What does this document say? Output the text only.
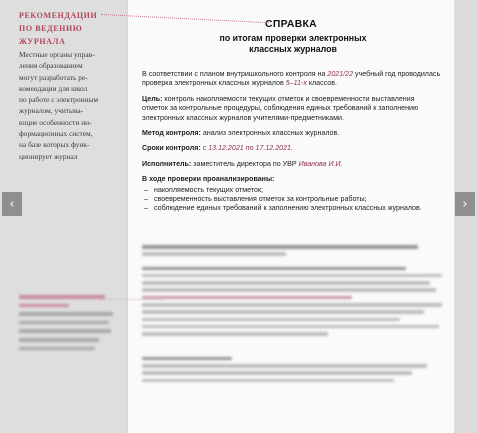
РЕКОМЕНДАЦИИ
ПО ВЕДЕНИЮ
ЖУРНАЛА
Местные органы управ-
ления образованием
могут разработать ре-
комендации для школ
по работе с электронным
журналом, учитыва-
ющие особенности ин-
формационных систем,
на базе которых функ-
ционирует журнал
СПРАВКА
по итогам проверки электронных
классных журналов

В соответствии с планом внутришкольного контроля на 2021/22 учебный год проводилась проверка электронных классных журналов 5–11-х классов.

Цель: контроль накопляемости текущих отметок и своевременности выставления отметок за контрольные процедуры, соблюдения единых требований к заполнению электронных классных журналов учителями-предметниками.

Метод контроля: анализ электронных классных журналов.

Сроки контроля: с 13.12.2021 по 17.12.2021.

Исполнитель: заместитель директора по УВР Иванова И.И.

В ходе проверки проанализированы:

– накопляемость текущих отметок;
– своевременность выставления отметок за контрольные работы;
– соблюдение единых требований к заполнению электронных классных журналов.

‹	›
